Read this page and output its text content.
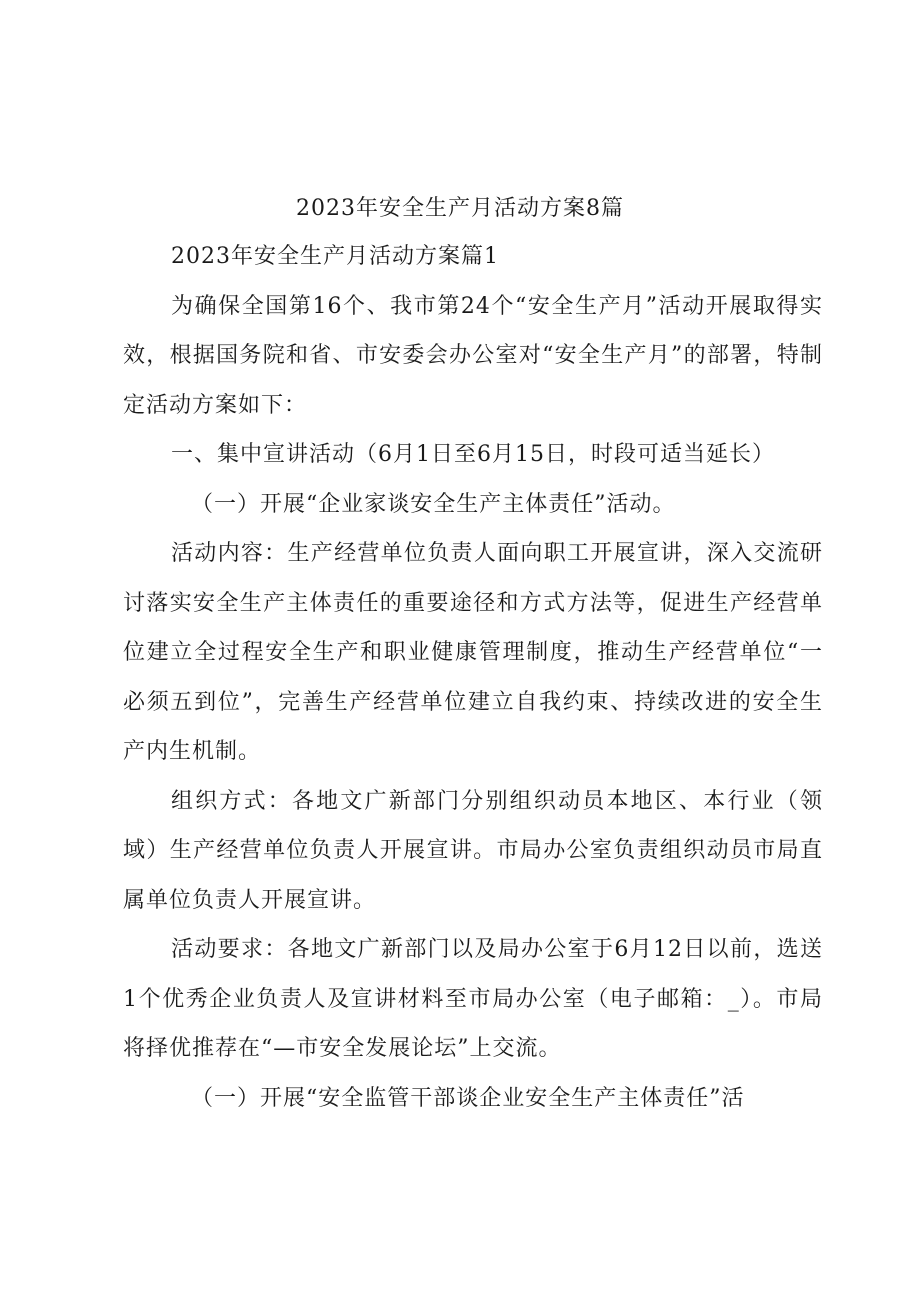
2023年安全生产月活动方案8篇

2023年安全生产月活动方案篇1

为确保全国第16个、我市第24个“安全生产月”活动开展取得实效，根据国务院和省、市安委会办公室对“安全生产月”的部署，特制定活动方案如下：

一、集中宣讲活动（6月1日至6月15日，时段可适当延长）

（一）开展“企业家谈安全生产主体责任”活动。

活动内容：生产经营单位负责人面向职工开展宣讲，深入交流研讨落实安全生产主体责任的重要途径和方式方法等，促进生产经营单位建立全过程安全生产和职业健康管理制度，推动生产经营单位“一必须五到位”，完善生产经营单位建立自我约束、持续改进的安全生产内生机制。

组织方式：各地文广新部门分别组织动员本地区、本行业（领域）生产经营单位负责人开展宣讲。市局办公室负责组织动员市局直属单位负责人开展宣讲。

活动要求：各地文广新部门以及局办公室于6月12日以前，选送1个优秀企业负责人及宣讲材料至市局办公室（电子邮箱：_）。市局将择优推荐在“—市安全发展论坛”上交流。

（一）开展“安全监管干部谈企业安全生产主体责任”活
